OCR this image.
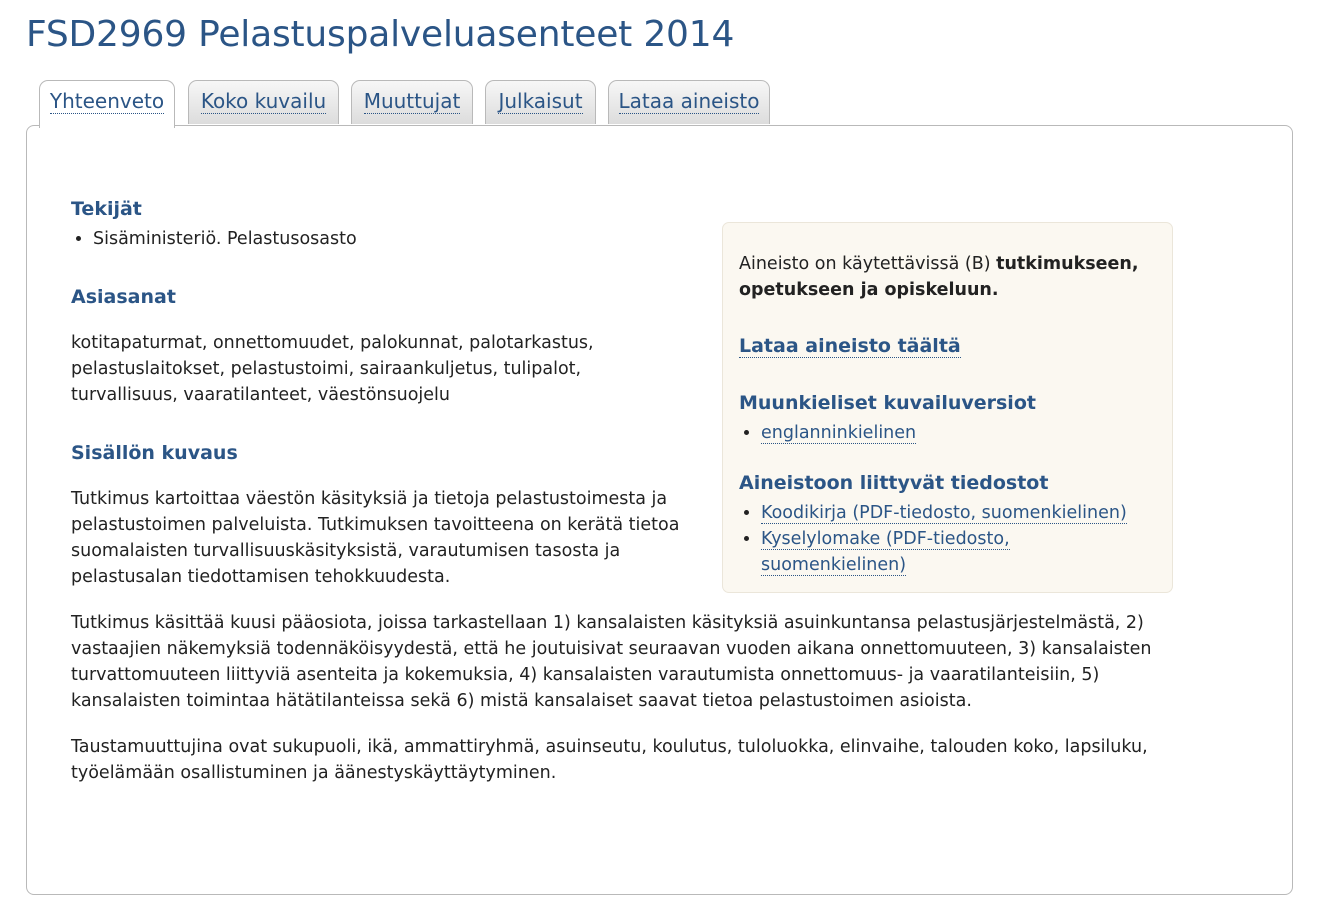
FSD2969 Pelastuspalveluasenteet 2014
Yhteenveto	Koko kuvailu	Muuttujat	Julkaisut	Lataa aineisto

Aineisto on käytettävissä (B) tutkimukseen, opetukseen ja opiskeluun.

Lataa aineisto täältä

Muunkieliset kuvailuversiot
• englanninkielinen
Aineistoon liittyvät tiedostot
• Koodikirja (PDF-tiedosto, suomenkielinen)
• Kyselylomake (PDF-tiedosto, suomenkielinen)
Tekijät
• Sisäministeriö. Pelastusosasto
Asiasanat

kotitapaturmat, onnettomuudet, palokunnat, palotarkastus, pelastuslaitokset, pelastustoimi, sairaankuljetus, tulipalot, turvallisuus, vaaratilanteet, väestönsuojelu

Sisällön kuvaus

Tutkimus kartoittaa väestön käsityksiä ja tietoja pelastustoimesta ja pelastustoimen palveluista. Tutkimuksen tavoitteena on kerätä tietoa suomalaisten turvallisuuskäsityksistä, varautumisen tasosta ja pelastusalan tiedottamisen tehokkuudesta.

Tutkimus käsittää kuusi pääosiota, joissa tarkastellaan 1) kansalaisten käsityksiä asuinkuntansa pelastusjärjestelmästä, 2) vastaajien näkemyksiä todennäköisyydestä, että he joutuisivat seuraavan vuoden aikana onnettomuuteen, 3) kansalaisten turvattomuuteen liittyviä asenteita ja kokemuksia, 4) kansalaisten varautumista onnettomuus- ja vaaratilanteisiin, 5) kansalaisten toimintaa hätätilanteissa sekä 6) mistä kansalaiset saavat tietoa pelastustoimen asioista.

Taustamuuttujina ovat sukupuoli, ikä, ammattiryhmä, asuinseutu, koulutus, tuloluokka, elinvaihe, talouden koko, lapsiluku, työelämään osallistuminen ja äänestyskäyttäytyminen.
